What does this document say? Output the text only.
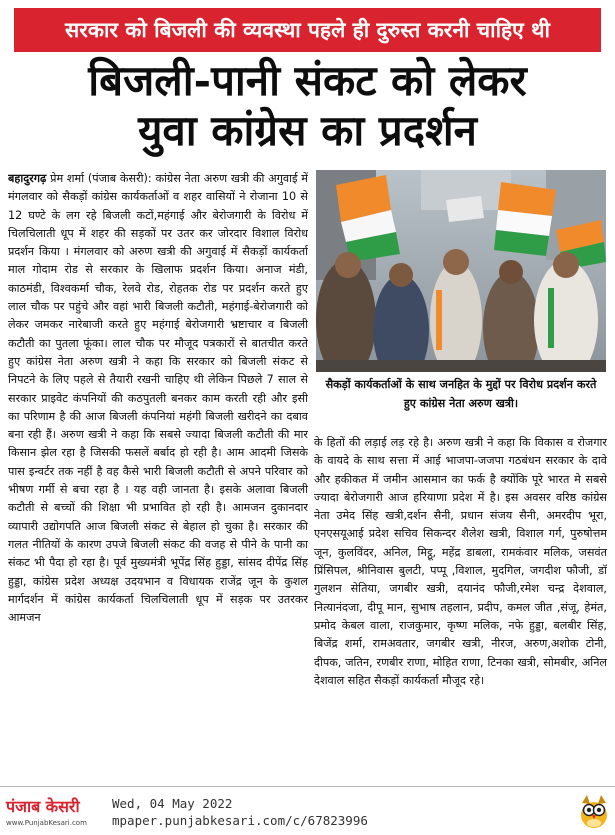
सरकार को बिजली की व्यवस्था पहले ही दुरुस्त करनी चाहिए थी
बिजली-पानी संकट को लेकर
युवा कांग्रेस का प्रदर्शन
बहादुरगढ़ प्रेम शर्मा (पंजाब केसरी): कांग्रेस नेता अरुण खत्री की अगुवाई में मंगलवार को सैकड़ों कांग्रेस कार्यकर्ताओं व शहर वासियों ने रोजाना 10 से 12 घण्टे के लग रहे बिजली कटों,महंगाई और बेरोजगारी के विरोध में चिलचिलाती धूप में शहर की सड़कों पर उतर कर जोरदार विशाल विरोध प्रदर्शन किया । मंगलवार को अरुण खत्री की अगुवाई में सैकड़ों कार्यकर्ता माल गोदाम रोड से सरकार के खिलाफ प्रदर्शन किया। अनाज मंडी, काठमंडी, विश्वकर्मा चौक, रेलवे रोड, रोहतक रोड पर प्रदर्शन करते हुए लाल चौक पर पहुंचे और वहां भारी बिजली कटौती, महंगाई-बेरोजगारी को लेकर जमकर नारेबाजी करते हुए महंगाई बेरोजगारी भ्रष्टाचार व बिजली कटौती का पुतला फूंका। लाल चौक पर मौजूद पत्रकारों से बातचीत करते हुए कांग्रेस नेता अरुण खत्री ने कहा कि सरकार को बिजली संकट से निपटने के लिए पहले से तैयारी रखनी चाहिए थी लेकिन पिछले 7 साल से सरकार प्राइवेट कंपनियों की कठपुतली बनकर काम करती रही और इसी का परिणाम है की आज बिजली कंपनियां महंगी बिजली खरीदने का दबाव बना रही हैं। अरुण खत्री ने कहा कि सबसे ज्यादा बिजली कटौती की मार किसान झेल रहा है जिसकी फसलें बर्बाद हो रही है। आम आदमी जिसके पास इन्वर्टर तक नहीं है वह कैसे भारी बिजली कटौती से अपने परिवार को भीषण गर्मी से बचा रहा है । यह वही जानता है। इसके अलावा बिजली कटौती से बच्चों की शिक्षा भी प्रभावित हो रही है। आमजन दुकानदार व्यापारी उद्योगपति आज बिजली संकट से बेहाल हो चुका है। सरकार की गलत नीतियों के कारण उपजे बिजली संकट की वजह से पीने के पानी का संकट भी पैदा हो रहा है। पूर्व मुख्यमंत्री भूपेंद्र सिंह हुड्डा, सांसद दीपेंद्र सिंह हुड्डा, कांग्रेस प्रदेश अध्यक्ष उदयभान व विधायक राजेंद्र जून के कुशल मार्गदर्शन में कांग्रेस कार्यकर्ता चिलचिलाती धूप में सड़क पर उतरकर आमजन
सैकड़ों कार्यकर्ताओं के साथ जनहित के मुद्दों पर विरोध प्रदर्शन करते हुए कांग्रेस नेता अरुण खत्री।
के हितों की लड़ाई लड़ रहे है। अरुण खत्री ने कहा कि विकास व रोजगार के वायदे के साथ सत्ता में आई भाजपा-जजपा गठबंधन सरकार के दावे और हकीकत में जमीन आसमान का फर्क है क्योंकि पूरे भारत मे सबसे ज्यादा बेरोजगारी आज हरियाणा प्रदेश में है। इस अवसर वरिष्ठ कांग्रेस नेता उमेद सिंह खत्री,दर्शन सैनी, प्रधान संजय सैनी, अमरदीप भूरा, एनएसयूआई प्रदेश सचिव सिकन्दर शैलेश खत्री, विशाल गर्ग, पुरुषोत्तम जून, कुलविंदर, अनिल, मिट्ठू, महेंद्र डाबला, रामकंवार मलिक, जसवंत प्रिंसिपल, श्रीनिवास बुलटी, पप्पू ,विशाल, मुदगिल, जगदीश फौजी, डॉ गुलशन सेतिया, जगबीर खत्री, दयानंद फौजी,रमेश चन्द्र देशवाल, नित्यानंदजा, दीपू मान, सुभाष तहलान, प्रदीप, कमल जीत ,संजू, हेमंत, प्रमोद केबल वाला, राजकुमार, कृष्ण मलिक, नफे हुड्डा, बलबीर सिंह, बिजेंद्र शर्मा, रामअवतार, जगबीर खत्री, नीरज, अरुण,अशोक टोनी, दीपक, जतिन, रणबीर राणा, मोहित राणा, टिनका खत्री, सोमबीर, अनिल देशवाल सहित सैकड़ों कार्यकर्ता मौजूद रहे।
पंजाब केसरी
www.PunjabKesari.com
Wed, 04 May 2022
mpaper.punjabkesari.com/c/67823996
